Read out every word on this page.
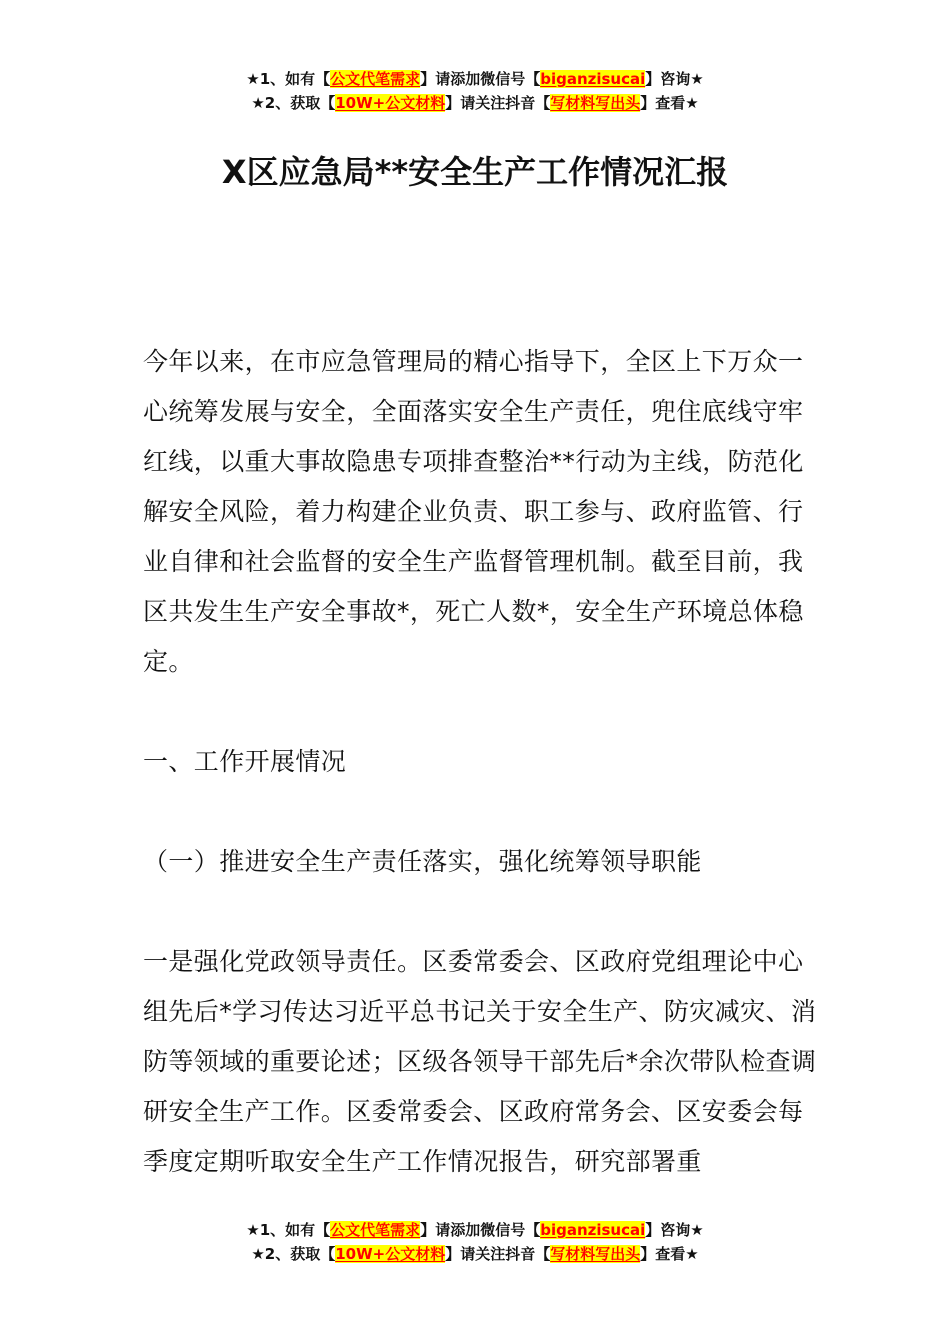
★1、如有【公文代笔需求】请添加微信号【biganzisucai】咨询★
★2、获取【10W+公文材料】请关注抖音【写材料写出头】查看★
X区应急局**安全生产工作情况汇报

今年以来，在市应急管理局的精心指导下，全区上下万众一心统筹发展与安全，全面落实安全生产责任，兜住底线守牢红线，以重大事故隐患专项排查整治**行动为主线，防范化解安全风险，着力构建企业负责、职工参与、政府监管、行业自律和社会监督的安全生产监督管理机制。截至目前，我区共发生生产安全事故*，死亡人数*，安全生产环境总体稳定。

一、工作开展情况

（一）推进安全生产责任落实，强化统筹领导职能

一是强化党政领导责任。区委常委会、区政府党组理论中心组先后*学习传达习近平总书记关于安全生产、防灾减灾、消防等领域的重要论述；区级各领导干部先后*余次带队检查调研安全生产工作。区委常委会、区政府常务会、区安委会每季度定期听取安全生产工作情况报告，研究部署重

★1、如有【公文代笔需求】请添加微信号【biganzisucai】咨询★
★2、获取【10W+公文材料】请关注抖音【写材料写出头】查看★
